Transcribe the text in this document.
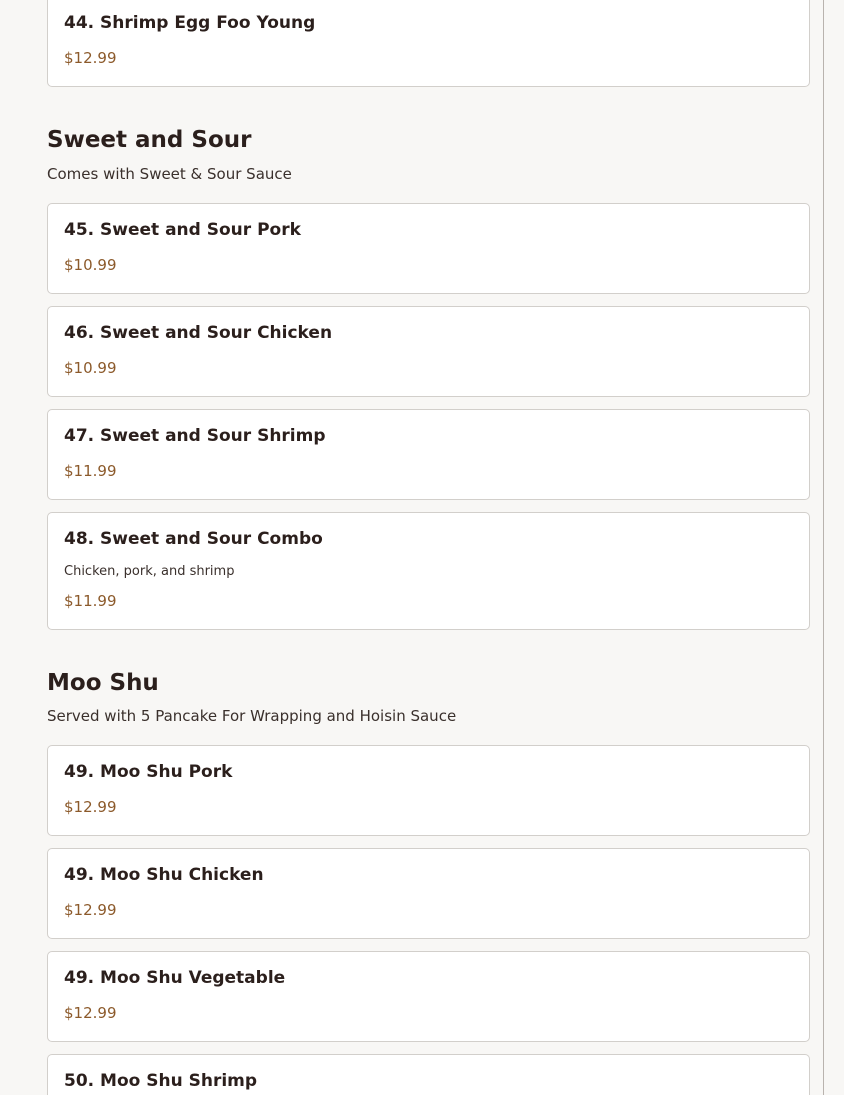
44. Shrimp Egg Foo Young
$12.99
Sweet and Sour
Comes with Sweet & Sour Sauce
45. Sweet and Sour Pork
$10.99
46. Sweet and Sour Chicken
$10.99
47. Sweet and Sour Shrimp
$11.99
48. Sweet and Sour Combo
Chicken, pork, and shrimp
$11.99
Moo Shu
Served with 5 Pancake For Wrapping and Hoisin Sauce
49. Moo Shu Pork
$12.99
49. Moo Shu Chicken
$12.99
49. Moo Shu Vegetable
$12.99
50. Moo Shu Shrimp
